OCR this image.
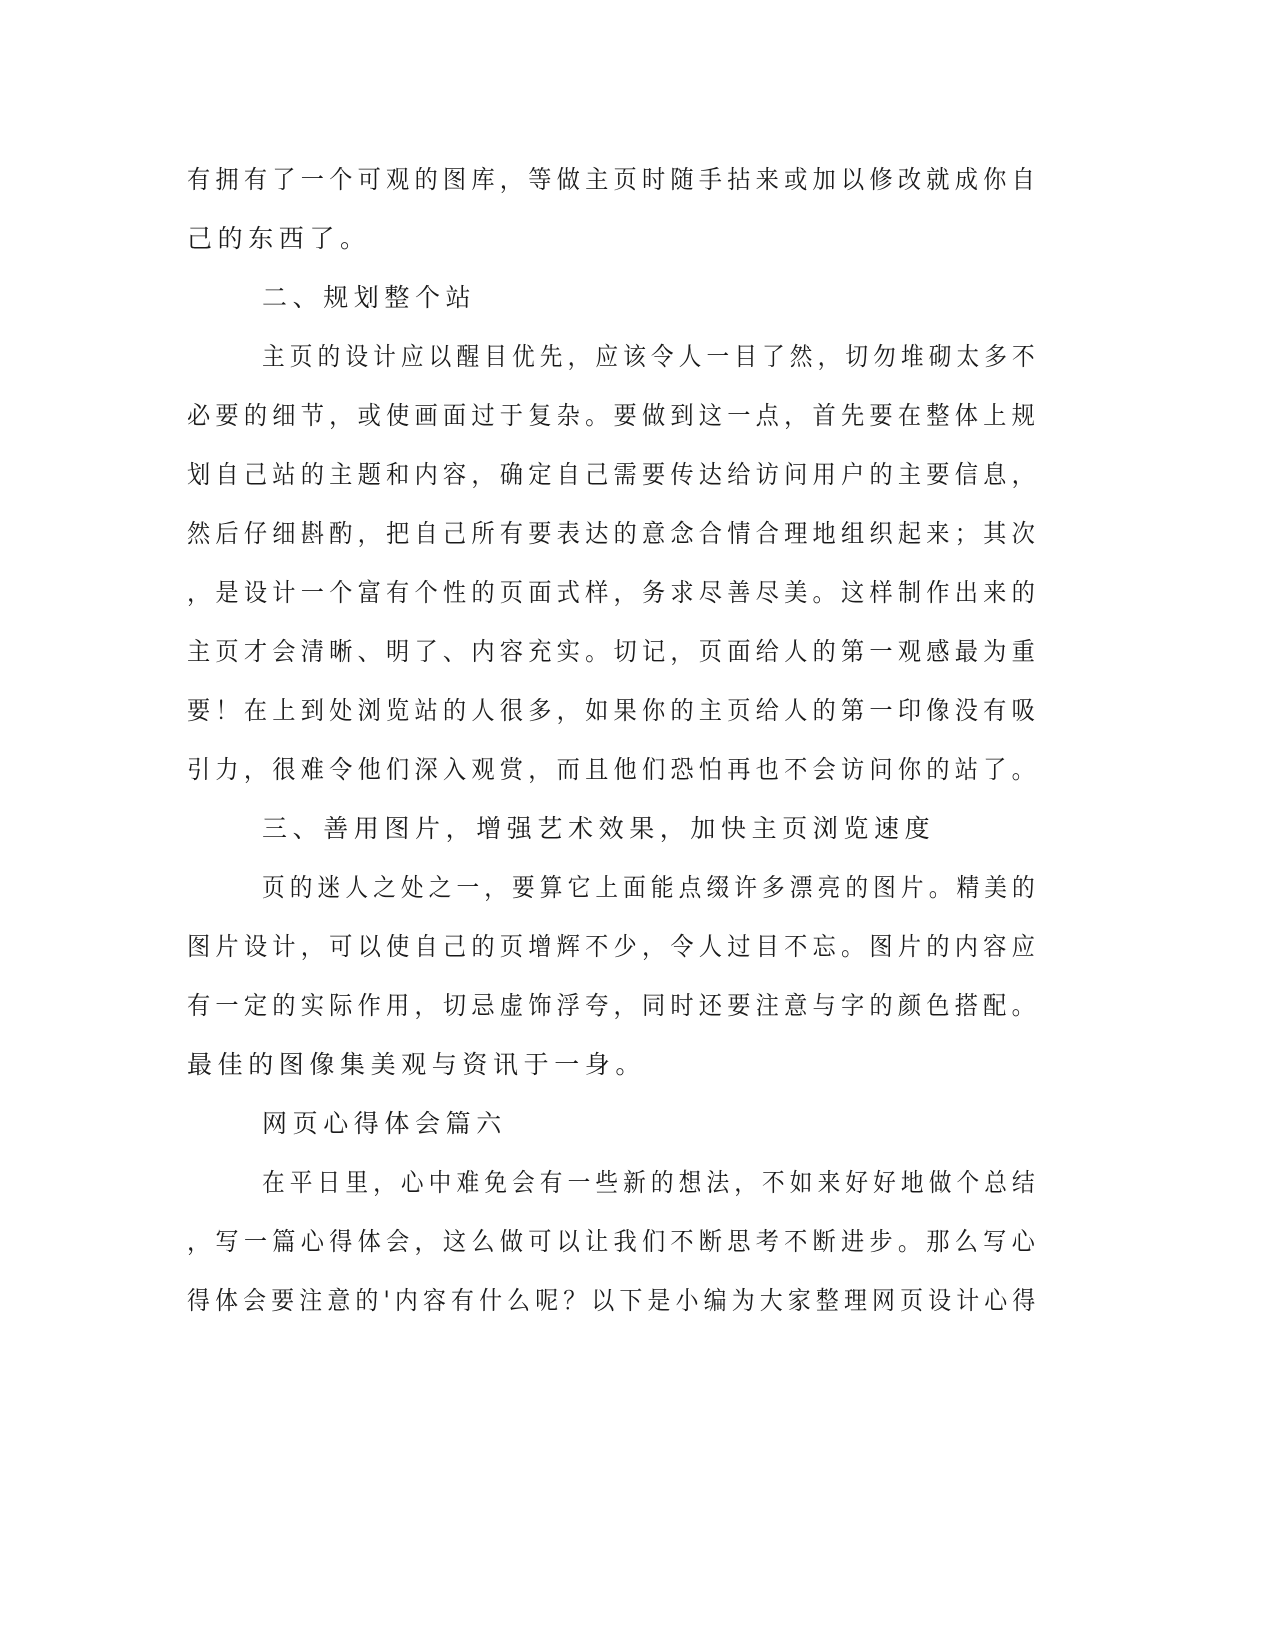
有拥有了一个可观的图库，等做主页时随手拈来或加以修改就成你自

己的东西了。

二、规划整个站

主页的设计应以醒目优先，应该令人一目了然，切勿堆砌太多不

必要的细节，或使画面过于复杂。要做到这一点，首先要在整体上规

划自己站的主题和内容，确定自己需要传达给访问用户的主要信息，

然后仔细斟酌，把自己所有要表达的意念合情合理地组织起来；其次

，是设计一个富有个性的页面式样，务求尽善尽美。这样制作出来的

主页才会清晰、明了、内容充实。切记，页面给人的第一观感最为重

要！在上到处浏览站的人很多，如果你的主页给人的第一印像没有吸

引力，很难令他们深入观赏，而且他们恐怕再也不会访问你的站了。

三、善用图片，增强艺术效果，加快主页浏览速度

页的迷人之处之一，要算它上面能点缀许多漂亮的图片。精美的

图片设计，可以使自己的页增辉不少，令人过目不忘。图片的内容应

有一定的实际作用，切忌虚饰浮夸，同时还要注意与字的颜色搭配。

最佳的图像集美观与资讯于一身。

网页心得体会篇六

在平日里，心中难免会有一些新的想法，不如来好好地做个总结

，写一篇心得体会，这么做可以让我们不断思考不断进步。那么写心

得体会要注意的'内容有什么呢？以下是小编为大家整理网页设计心得
